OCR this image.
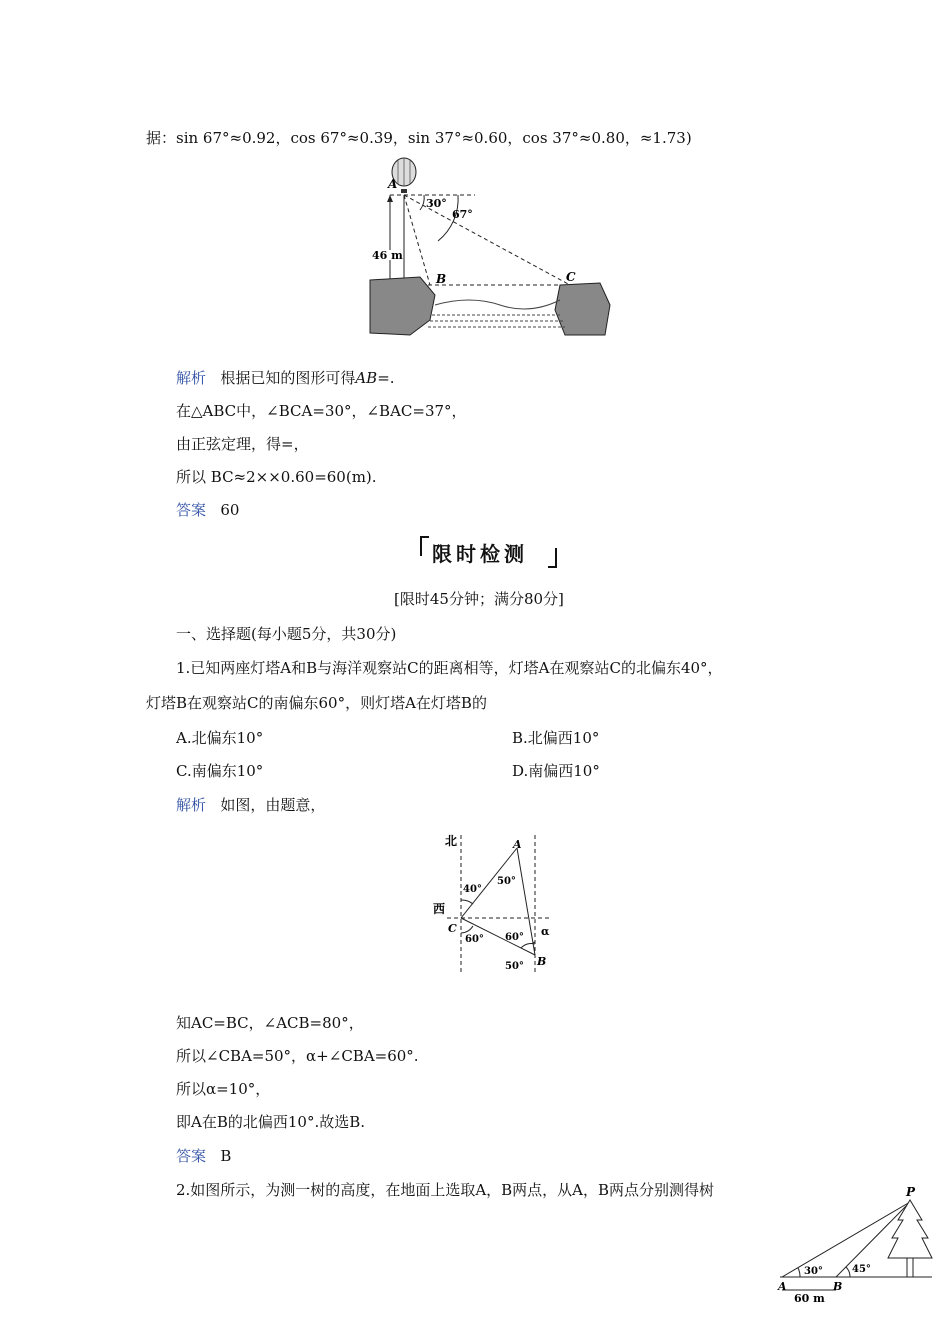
据：sin 67°≈0.92，cos 67°≈0.39，sin 37°≈0.60，cos 37°≈0.80，≈1.73)
A
B	C
46 m
30°
67°
解析 根据已知的图形可得AB=.
在△ABC中，∠BCA=30°，∠BAC=37°，
由正弦定理，得=，
所以 BC≈2××0.60=60(m).
答案 60
限时检测
[限时45分钟；满分80分]
一、选择题(每小题5分，共30分)
1.已知两座灯塔A和B与海洋观察站C的距离相等，灯塔A在观察站C的北偏东40°，
灯塔B在观察站C的南偏东60°，则灯塔A在灯塔B的
A.北偏东10°	B.北偏西10°
C.南偏东10°	D.南偏西10°
解析 如图，由题意，
北
西
A
C
B
40°
50°
60° 60°
50°
α
知AC=BC，∠ACB=80°，
所以∠CBA=50°，α+∠CBA=60°.
所以α=10°，
即A在B的北偏西10°.故选B.
答案 B
2.如图所示，为测一树的高度，在地面上选取A，B两点，从A，B两点分别测得树	P
A	B
30°	45°
60 m
